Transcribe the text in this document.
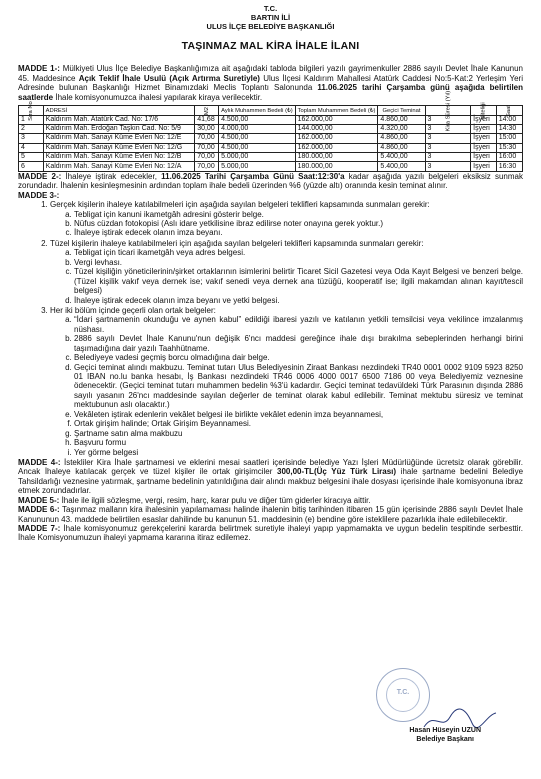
T.C.
BARTIN İLİ
ULUS İLÇE BELEDİYE BAŞKANLIĞI
TAŞINMAZ MAL KİRA İHALE İLANI

MADDE 1-: Mülkiyeti Ulus İlçe Belediye Başkanlığımıza ait aşağıdaki tabloda bilgileri yazılı gayrimenkuller 2886 sayılı Devlet İhale Kanunun 45. Maddesince Açık Teklif İhale Usulü (Açık Artırma Suretiyle) Ulus İlçesi Kaldırım Mahallesi Atatürk Caddesi No:5-Kat:2 Yerleşim Yeri Adresinde bulunan Başkanlığı Hizmet Binamızdaki Meclis Toplantı Salonunda 11.06.2025 tarihi Çarşamba günü aşağıda belirtilen saatlerde İhale komisyonumuzca ihalesi yapılarak kiraya verilecektir.

Sıra No	ADRESİ	M2	Aylık Muhammen Bedeli (₺)	Toplam Muhammen Bedeli (₺)	Geçici Teminat	Kira Süresi (Yıl)	Niteliği	Saat
1	Kaldırım Mah. Atatürk Cad. No: 17/6	41,68	4.500,00	162.000,00	4.860,00	3	İşyeri	14:00
2	Kaldırım Mah. Erdoğan Taşkın Cad. No: 5/9	30,00	4.000,00	144.000,00	4.320,00	3	İşyeri	14:30
3	Kaldırım Mah. Sanayi Küme Evleri No: 12/E	70,00	4.500,00	162.000,00	4.860,00	3	İşyeri	15:00
4	Kaldırım Mah. Sanayi Küme Evleri No: 12/G	70,00	4.500,00	162.000,00	4.860,00	3	İşyeri	15:30
5	Kaldırım Mah. Sanayi Küme Evleri No: 12/B	70,00	5.000,00	180.000,00	5.400,00	3	İşyeri	16:00
6	Kaldırım Mah. Sanayi Küme Evleri No: 12/A	70,00	5.000,00	180.000,00	5.400,00	3	İşyeri	16:30

MADDE 2-: İhaleye iştirak edecekler, 11.06.2025 Tarihi Çarşamba Günü Saat:12:30'a kadar aşağıda yazılı belgeleri eksiksiz sunmak zorundadır. İhalenin kesinleşmesinin ardından toplam ihale bedeli üzerinden %6 (yüzde altı) oranında kesin teminat alınır.

MADDE 3-:

1. Gerçek kişilerin ihaleye katılabilmeleri için aşağıda sayılan belgeleri teklifleri kapsamında sunmaları gerekir:
a. Tebligat için kanuni ikametgâh adresini gösterir belge.
b. Nüfus cüzdan fotokopisi (Aslı idare yetkilisine ibraz edilirse noter onayına gerek yoktur.)
c. İhaleye iştirak edecek olanın imza beyanı.
2. Tüzel kişilerin ihaleye katılabilmeleri için aşağıda sayılan belgeleri teklifleri kapsamında sunmaları gerekir:
a. Tebligat için ticari ikametgâh veya adres belgesi.
b. Vergi levhası.
c. Tüzel kişiliğin yöneticilerinin/şirket ortaklarının isimlerini belirtir Ticaret Sicil Gazetesi veya Oda Kayıt Belgesi ve benzeri belge. (Tüzel kişilik vakıf veya dernek ise; vakıf senedi veya dernek ana tüzüğü, kooperatif ise; ilgili makamdan alınan kayıt/tescil belgesi)
d. İhaleye iştirak edecek olanın imza beyanı ve yetki belgesi.
3. Her iki bölüm içinde geçerli olan ortak belgeler:
a. “İdari şartnamenin okunduğu ve aynen kabul” edildiği ibaresi yazılı ve katılanın yetkili temsilcisi veya vekilince imzalanmış nüshası.
b. 2886 sayılı Devlet İhale Kanunu'nun değişik 6'ncı maddesi gereğince ihale dışı bırakılma sebeplerinden herhangi birini taşımadığına dair yazılı Taahhütname.
c. Belediyeye vadesi geçmiş borcu olmadığına dair belge.
d. Geçici teminat alındı makbuzu. Teminat tutarı Ulus Belediyesinin Ziraat Bankası nezdindeki TR40 0001 0002 9109 5923 8250 01 IBAN no.lu banka hesabı, İş Bankası nezdindeki TR46 0006 4000 0017 6500 7186 00 veya Belediyemiz veznesine ödenecektir. (Geçici teminat tutarı muhammen bedelin %3'ü kadardır. Geçici teminat tedavüldeki Türk Parasının dışında 2886 sayılı yasanın 26'ncı maddesinde sayılan değerler de teminat olarak kabul edilebilir. Teminat mektubu süresiz ve teminat mektubunun aslı olacaktır.)
e. Vekâleten iştirak edenlerin vekâlet belgesi ile birlikte vekâlet edenin imza beyannamesi,
f. Ortak girişim halinde; Ortak Girişim Beyannamesi.
g. Şartname satın alma makbuzu
h. Başvuru formu
i. Yer görme belgesi

MADDE 4-: İstekliler Kira İhale şartnamesi ve eklerini mesai saatleri içerisinde belediye Yazı İşleri Müdürlüğünde ücretsiz olarak görebilir. Ancak İhaleye katılacak gerçek ve tüzel kişiler ile ortak girişimciler 300,00-TL(Üç Yüz Türk Lirası) ihale şartname bedelini Belediye Tahsildarlığı veznesine yatırmak, şartname bedelinin yatırıldığına dair alındı makbuz belgesini ihale dosyası içerisinde ihale komisyonuna ibraz etmek zorundadırlar.

MADDE 5-: İhale ile ilgili sözleşme, vergi, resim, harç, karar pulu ve diğer tüm giderler kiracıya aittir.

MADDE 6-: Taşınmaz malların kira ihalesinin yapılamaması halinde ihalenin bitiş tarihinden itibaren 15 gün içerisinde 2886 sayılı Devlet İhale Kanununun 43. maddede belirtilen esaslar dahilinde bu kanunun 51. maddesinin (e) bendine göre isteklilere pazarlıkla ihale edilebilecektir.

MADDE 7-: İhale komisyonumuz gerekçelerini kararda belirtmek suretiyle ihaleyi yapıp yapmamakta ve uygun bedelin tespitinde serbesttir. İhale Komisyonumuzun ihaleyi yapmama kararına itiraz edilemez.

T.C.
Hasan Hüseyin UZUN
Belediye Başkanı
